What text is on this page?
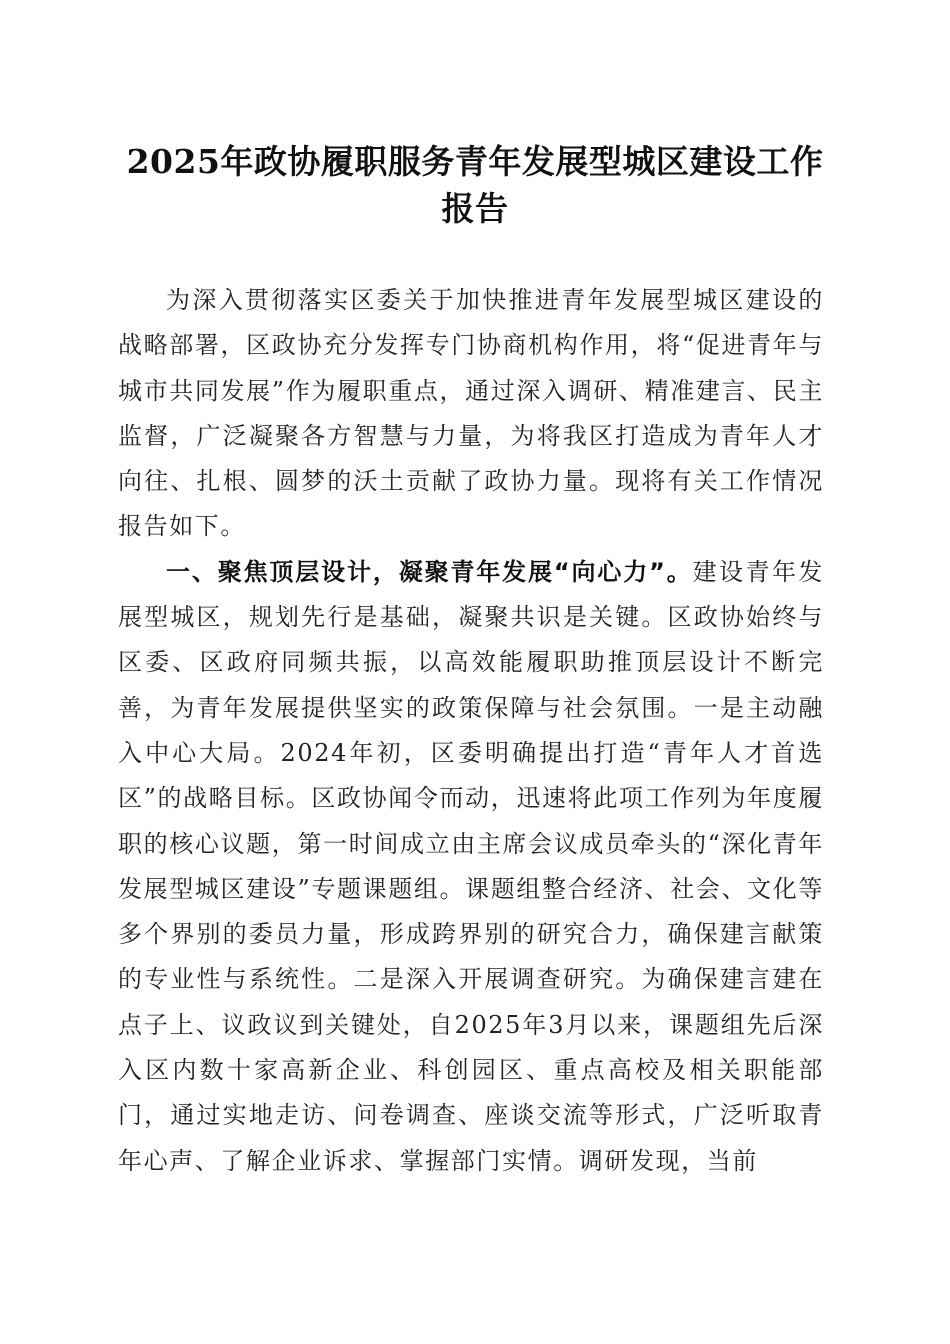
2025年政协履职服务青年发展型城区建设工作报告

为深入贯彻落实区委关于加快推进青年发展型城区建设的战略部署，区政协充分发挥专门协商机构作用，将“促进青年与城市共同发展”作为履职重点，通过深入调研、精准建言、民主监督，广泛凝聚各方智慧与力量，为将我区打造成为青年人才向往、扎根、圆梦的沃土贡献了政协力量。现将有关工作情况报告如下。

一、聚焦顶层设计，凝聚青年发展“向心力”。建设青年发展型城区，规划先行是基础，凝聚共识是关键。区政协始终与区委、区政府同频共振，以高效能履职助推顶层设计不断完善，为青年发展提供坚实的政策保障与社会氛围。一是主动融入中心大局。2024年初，区委明确提出打造“青年人才首选区”的战略目标。区政协闻令而动，迅速将此项工作列为年度履职的核心议题，第一时间成立由主席会议成员牵头的“深化青年发展型城区建设”专题课题组。课题组整合经济、社会、文化等多个界别的委员力量，形成跨界别的研究合力，确保建言献策的专业性与系统性。二是深入开展调查研究。为确保建言建在点子上、议政议到关键处，自2025年3月以来，课题组先后深入区内数十家高新企业、科创园区、重点高校及相关职能部门，通过实地走访、问卷调查、座谈交流等形式，广泛听取青年心声、了解企业诉求、掌握部门实情。调研发现，当前
